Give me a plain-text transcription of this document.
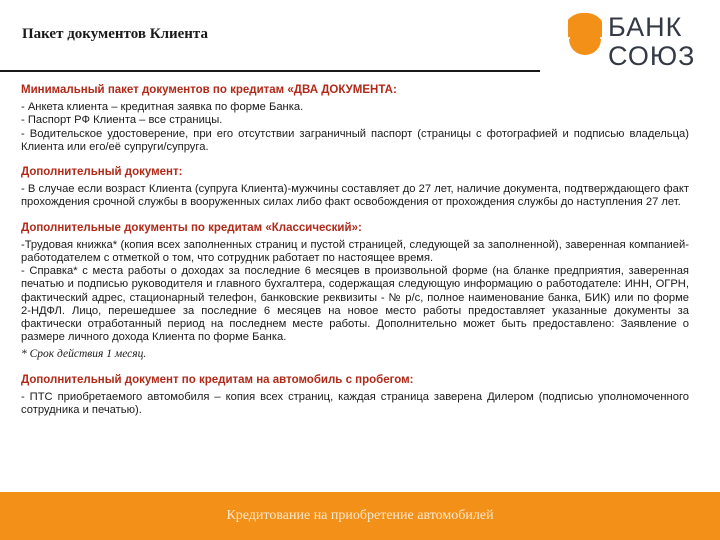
Пакет документов Клиента	БАНК
СОЮЗ
Минимальный пакет документов по кредитам «ДВА ДОКУМЕНТА:
- Анкета клиента – кредитная заявка по форме Банка.
- Паспорт РФ Клиента – все страницы.
- Водительское удостоверение, при его отсутствии заграничный паспорт (страницы с фотографией и подписью владельца) Клиента или его/её супруги/супруга.
Дополнительный документ:
- В случае если возраст Клиента (супруга Клиента)-мужчины составляет до 27 лет, наличие документа, подтверждающего факт прохождения срочной службы в вооруженных силах либо факт освобождения от прохождения службы до наступления 27 лет.
Дополнительные документы по кредитам «Классический»:
-Трудовая книжка* (копия всех заполненных страниц и пустой страницей, следующей за заполненной), заверенная компанией-работодателем с отметкой о том, что сотрудник работает по настоящее время.
- Справка* с места работы о доходах за последние 6 месяцев в произвольной форме (на бланке предприятия, заверенная печатью и подписью руководителя и главного бухгалтера, содержащая следующую информацию о работодателе: ИНН, ОГРН, фактический адрес, стационарный телефон, банковские реквизиты - № р/с, полное наименование банка, БИК) или по форме 2-НДФЛ. Лицо, перешедшее за последние 6 месяцев на новое место работы предоставляет указанные документы за фактически отработанный период на последнем месте работы. Дополнительно может быть предоставлено: Заявление о размере личного дохода Клиента по форме Банка.
* Срок действия 1 месяц.
Дополнительный документ по кредитам на автомобиль с пробегом:
- ПТС приобретаемого автомобиля – копия всех страниц, каждая страница заверена Дилером (подписью уполномоченного сотрудника и печатью).
Кредитование на приобретение автомобилей
